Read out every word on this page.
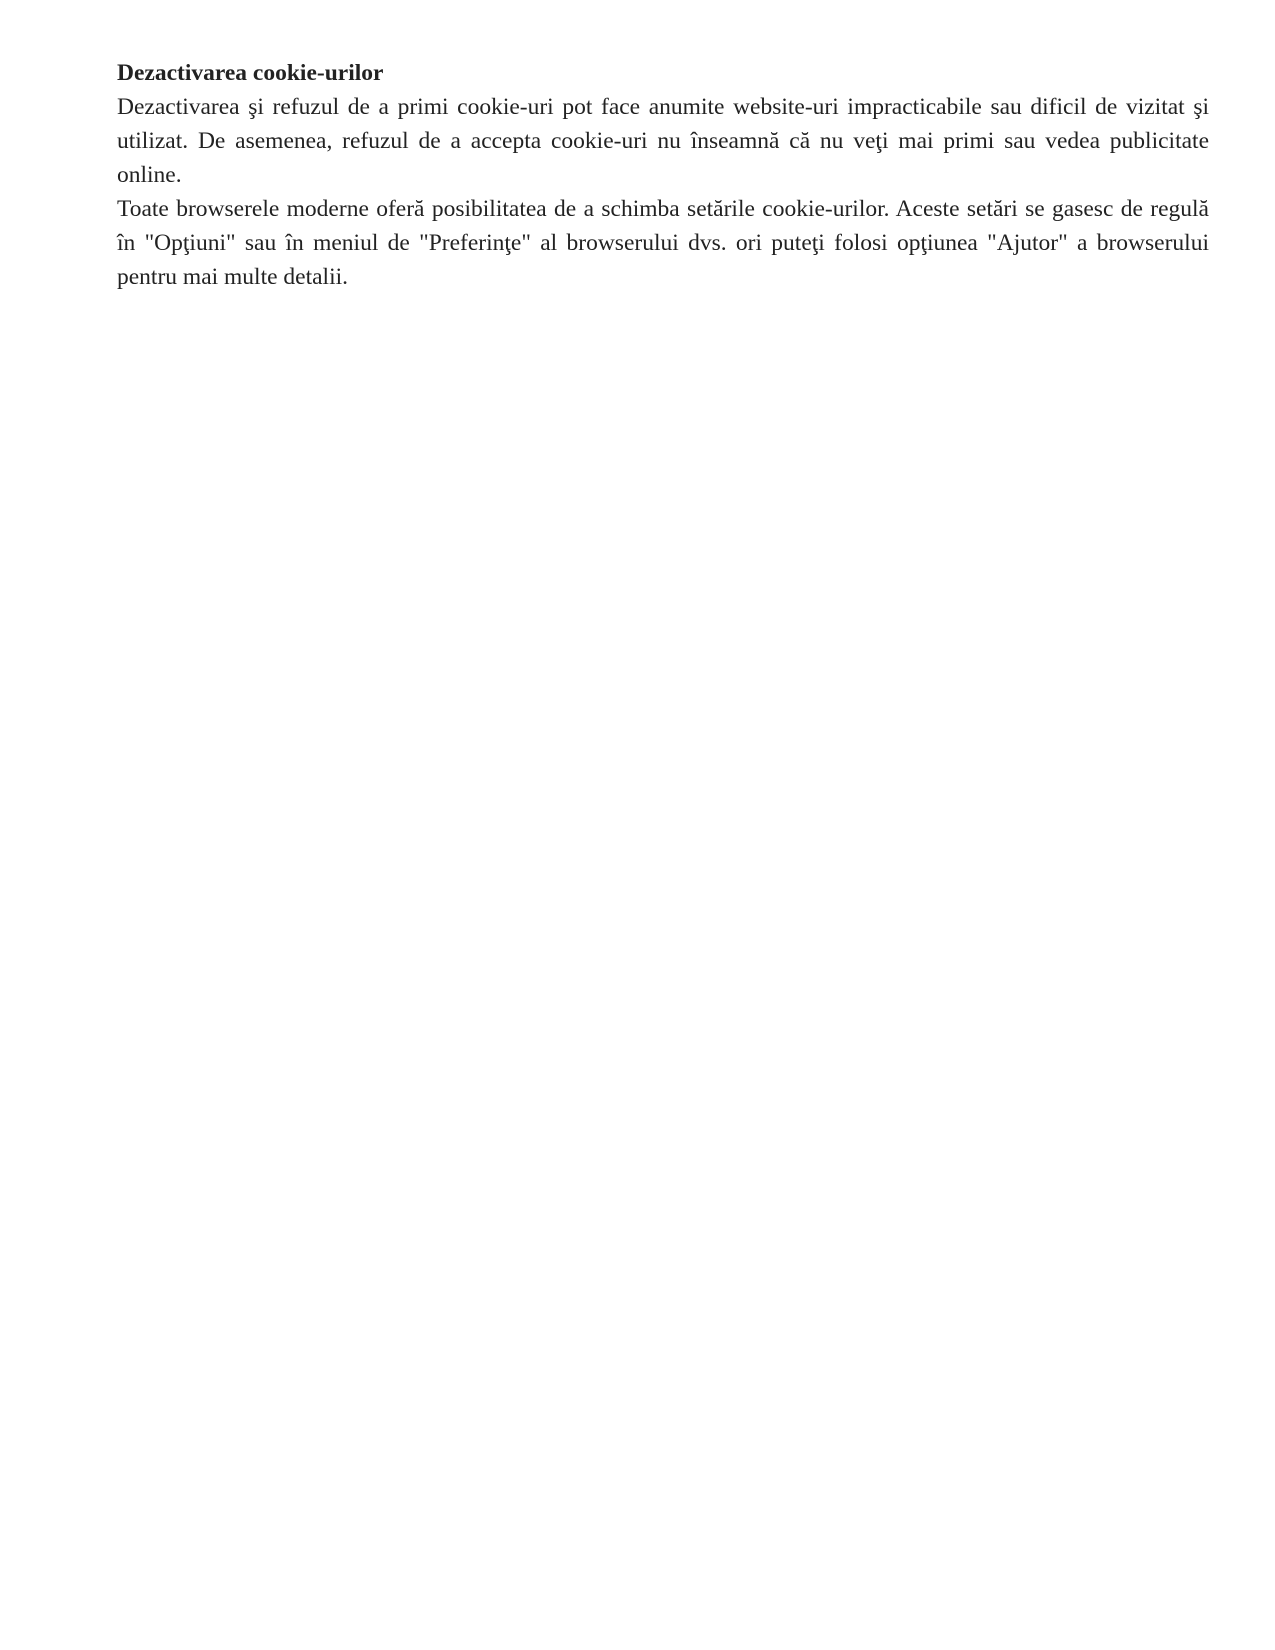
Dezactivarea cookie-urilor

Dezactivarea şi refuzul de a primi cookie-uri pot face anumite website-uri impracticabile sau dificil de vizitat şi utilizat. De asemenea, refuzul de a accepta cookie-uri nu înseamnă că nu veţi mai primi sau vedea publicitate online.

Toate browserele moderne oferă posibilitatea de a schimba setările cookie-urilor. Aceste setări se gasesc de regulă în "Opţiuni" sau în meniul de "Preferinţe" al browserului dvs. ori puteţi folosi opţiunea "Ajutor" a browserului pentru mai multe detalii.
